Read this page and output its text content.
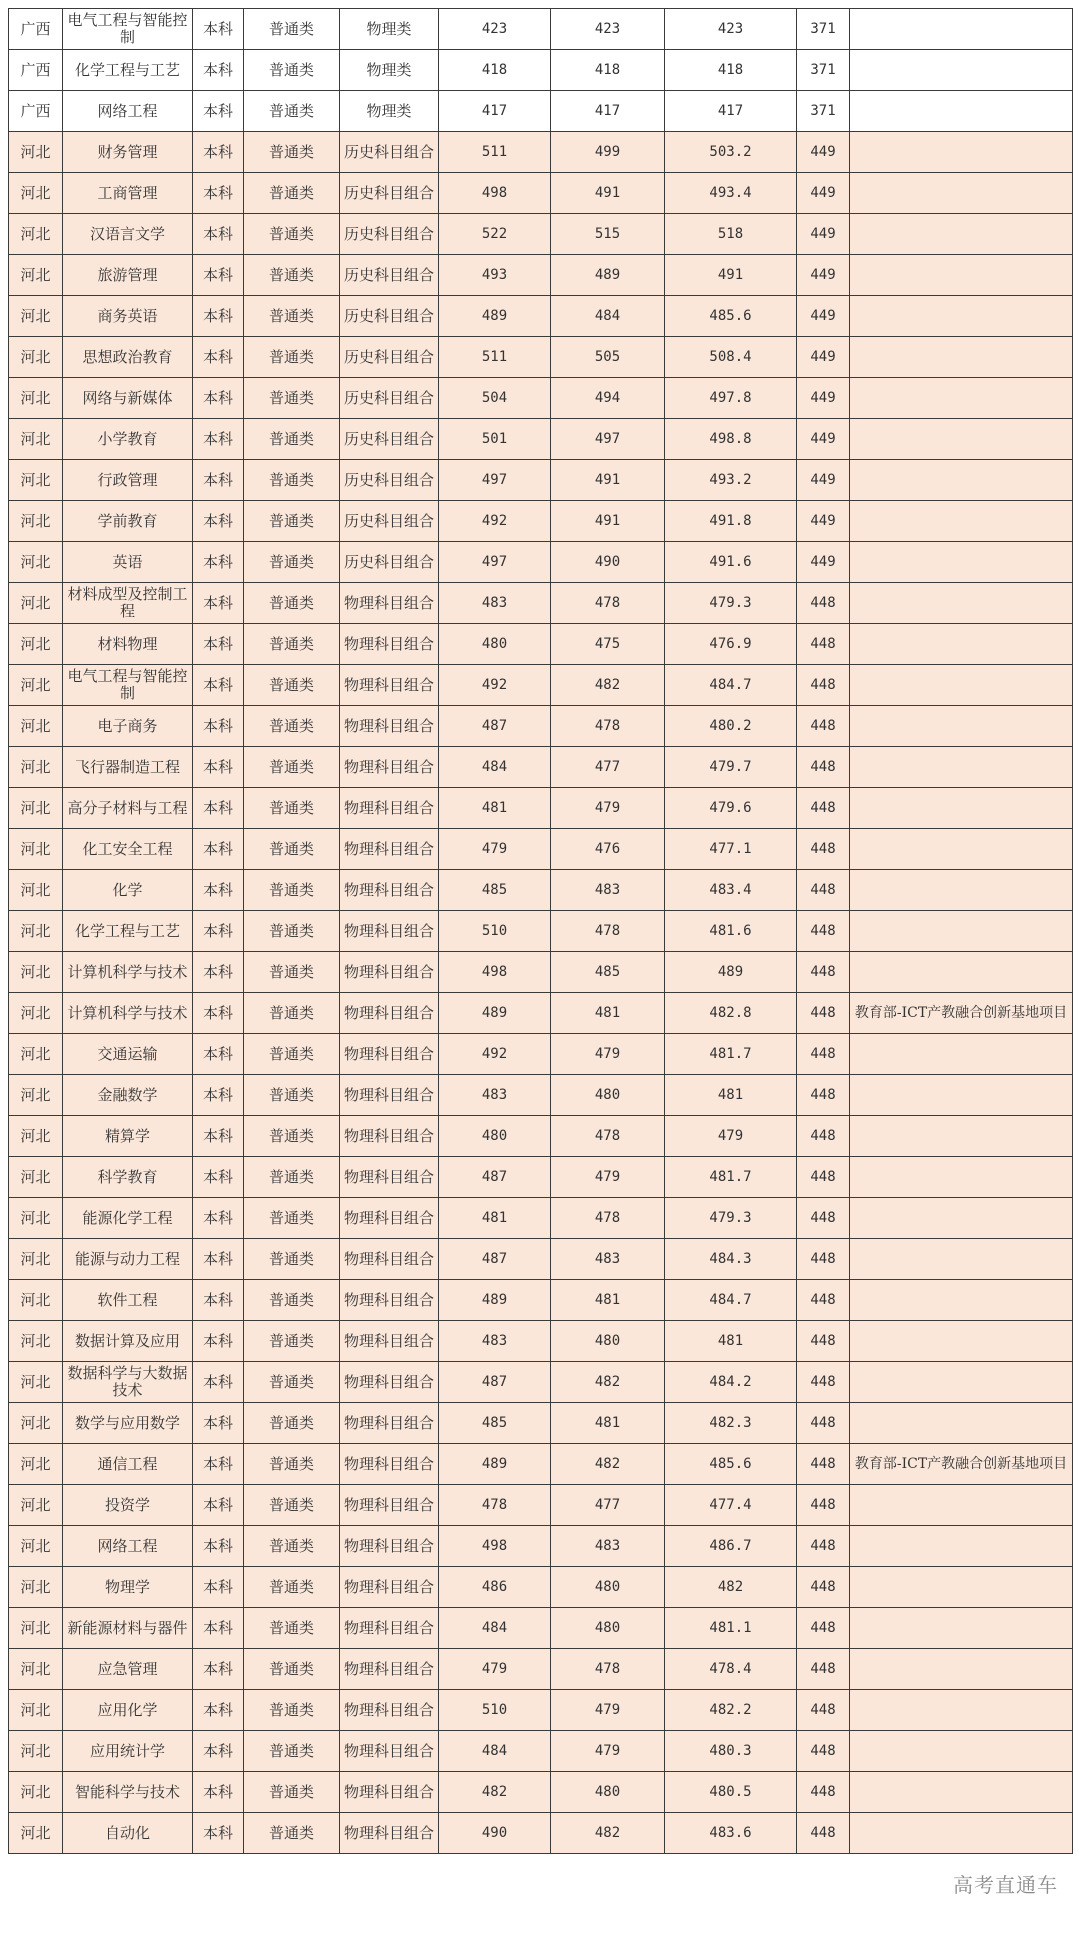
广西	电气工程与智能控制	本科	普通类	物理类	423	423	423	371	
广西	化学工程与工艺	本科	普通类	物理类	418	418	418	371	
广西	网络工程	本科	普通类	物理类	417	417	417	371	
河北	财务管理	本科	普通类	历史科目组合	511	499	503.2	449	
河北	工商管理	本科	普通类	历史科目组合	498	491	493.4	449	
河北	汉语言文学	本科	普通类	历史科目组合	522	515	518	449	
河北	旅游管理	本科	普通类	历史科目组合	493	489	491	449	
河北	商务英语	本科	普通类	历史科目组合	489	484	485.6	449	
河北	思想政治教育	本科	普通类	历史科目组合	511	505	508.4	449	
河北	网络与新媒体	本科	普通类	历史科目组合	504	494	497.8	449	
河北	小学教育	本科	普通类	历史科目组合	501	497	498.8	449	
河北	行政管理	本科	普通类	历史科目组合	497	491	493.2	449	
河北	学前教育	本科	普通类	历史科目组合	492	491	491.8	449	
河北	英语	本科	普通类	历史科目组合	497	490	491.6	449	
河北	材料成型及控制工程	本科	普通类	物理科目组合	483	478	479.3	448	
河北	材料物理	本科	普通类	物理科目组合	480	475	476.9	448	
河北	电气工程与智能控制	本科	普通类	物理科目组合	492	482	484.7	448	
河北	电子商务	本科	普通类	物理科目组合	487	478	480.2	448	
河北	飞行器制造工程	本科	普通类	物理科目组合	484	477	479.7	448	
河北	高分子材料与工程	本科	普通类	物理科目组合	481	479	479.6	448	
河北	化工安全工程	本科	普通类	物理科目组合	479	476	477.1	448	
河北	化学	本科	普通类	物理科目组合	485	483	483.4	448	
河北	化学工程与工艺	本科	普通类	物理科目组合	510	478	481.6	448	
河北	计算机科学与技术	本科	普通类	物理科目组合	498	485	489	448	
河北	计算机科学与技术	本科	普通类	物理科目组合	489	481	482.8	448	教育部-ICT产教融合创新基地项目
河北	交通运输	本科	普通类	物理科目组合	492	479	481.7	448	
河北	金融数学	本科	普通类	物理科目组合	483	480	481	448	
河北	精算学	本科	普通类	物理科目组合	480	478	479	448	
河北	科学教育	本科	普通类	物理科目组合	487	479	481.7	448	
河北	能源化学工程	本科	普通类	物理科目组合	481	478	479.3	448	
河北	能源与动力工程	本科	普通类	物理科目组合	487	483	484.3	448	
河北	软件工程	本科	普通类	物理科目组合	489	481	484.7	448	
河北	数据计算及应用	本科	普通类	物理科目组合	483	480	481	448	
河北	数据科学与大数据技术	本科	普通类	物理科目组合	487	482	484.2	448	
河北	数学与应用数学	本科	普通类	物理科目组合	485	481	482.3	448	
河北	通信工程	本科	普通类	物理科目组合	489	482	485.6	448	教育部-ICT产教融合创新基地项目
河北	投资学	本科	普通类	物理科目组合	478	477	477.4	448	
河北	网络工程	本科	普通类	物理科目组合	498	483	486.7	448	
河北	物理学	本科	普通类	物理科目组合	486	480	482	448	
河北	新能源材料与器件	本科	普通类	物理科目组合	484	480	481.1	448	
河北	应急管理	本科	普通类	物理科目组合	479	478	478.4	448	
河北	应用化学	本科	普通类	物理科目组合	510	479	482.2	448	
河北	应用统计学	本科	普通类	物理科目组合	484	479	480.3	448	
河北	智能科学与技术	本科	普通类	物理科目组合	482	480	480.5	448	
河北	自动化	本科	普通类	物理科目组合	490	482	483.6	448	
高考直通车
